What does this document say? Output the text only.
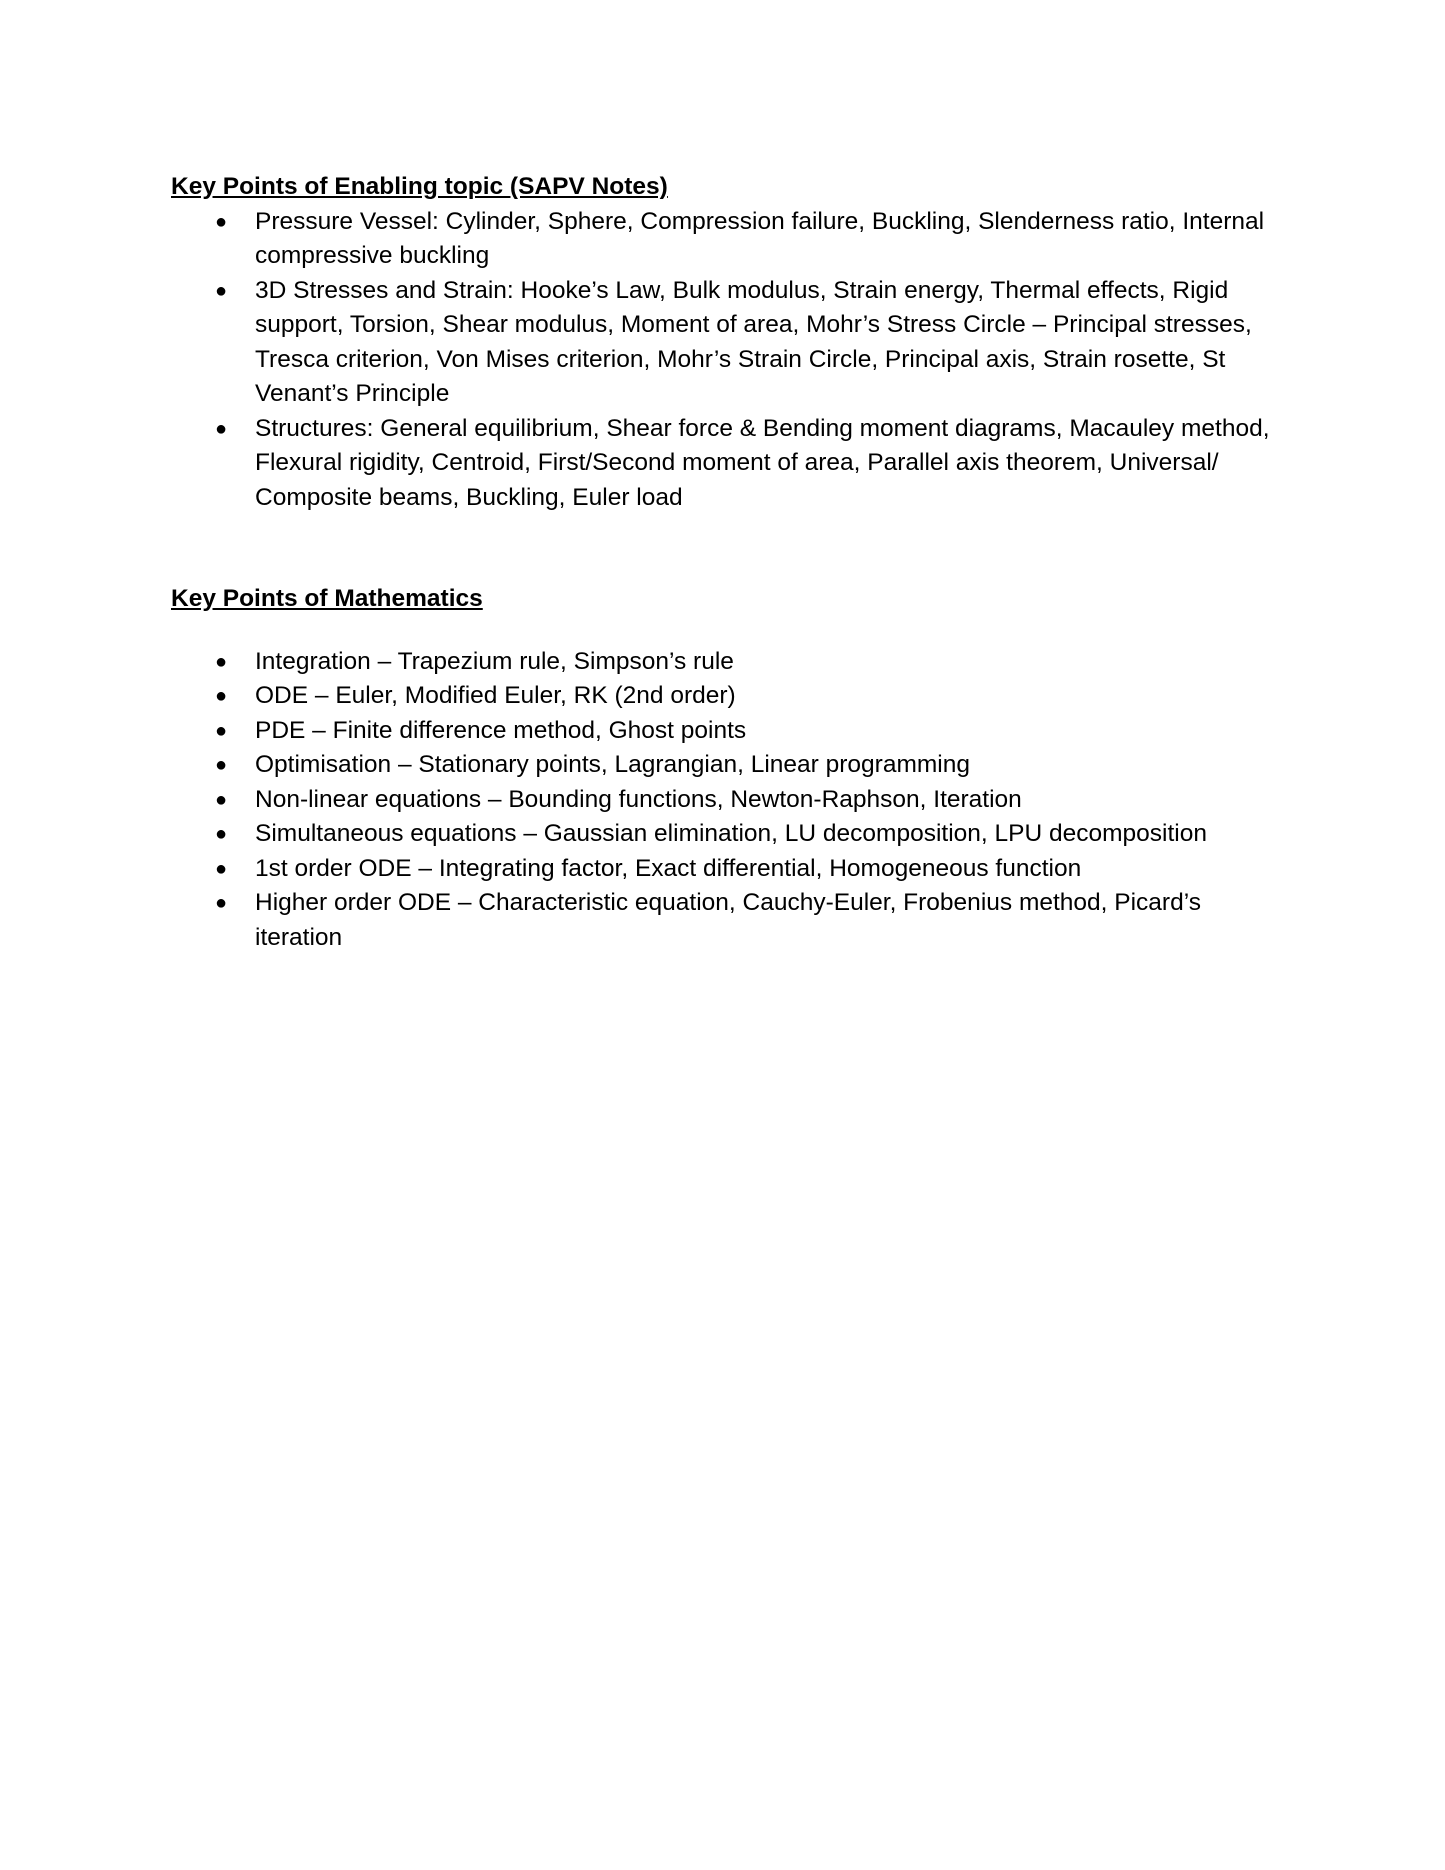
Key Points of Enabling topic (SAPV Notes)
● Pressure Vessel: Cylinder, Sphere, Compression failure, Buckling, Slenderness ratio, Internal compressive buckling
● 3D Stresses and Strain: Hooke’s Law, Bulk modulus, Strain energy, Thermal effects, Rigid support, Torsion, Shear modulus, Moment of area, Mohr’s Stress Circle – Principal stresses, Tresca criterion, Von Mises criterion, Mohr’s Strain Circle, Principal axis, Strain rosette, St Venant’s Principle
● Structures: General equilibrium, Shear force & Bending moment diagrams, Macauley method, Flexural rigidity, Centroid, First/Second moment of area, Parallel axis theorem, Universal/ Composite beams, Buckling, Euler load
Key Points of Mathematics
● Integration – Trapezium rule, Simpson’s rule
● ODE – Euler, Modified Euler, RK (2nd order)
● PDE – Finite difference method, Ghost points
● Optimisation – Stationary points, Lagrangian, Linear programming
● Non-linear equations – Bounding functions, Newton-Raphson, Iteration
● Simultaneous equations – Gaussian elimination, LU decomposition, LPU decomposition
● 1st order ODE – Integrating factor, Exact differential, Homogeneous function
● Higher order ODE – Characteristic equation, Cauchy-Euler, Frobenius method, Picard’s iteration
